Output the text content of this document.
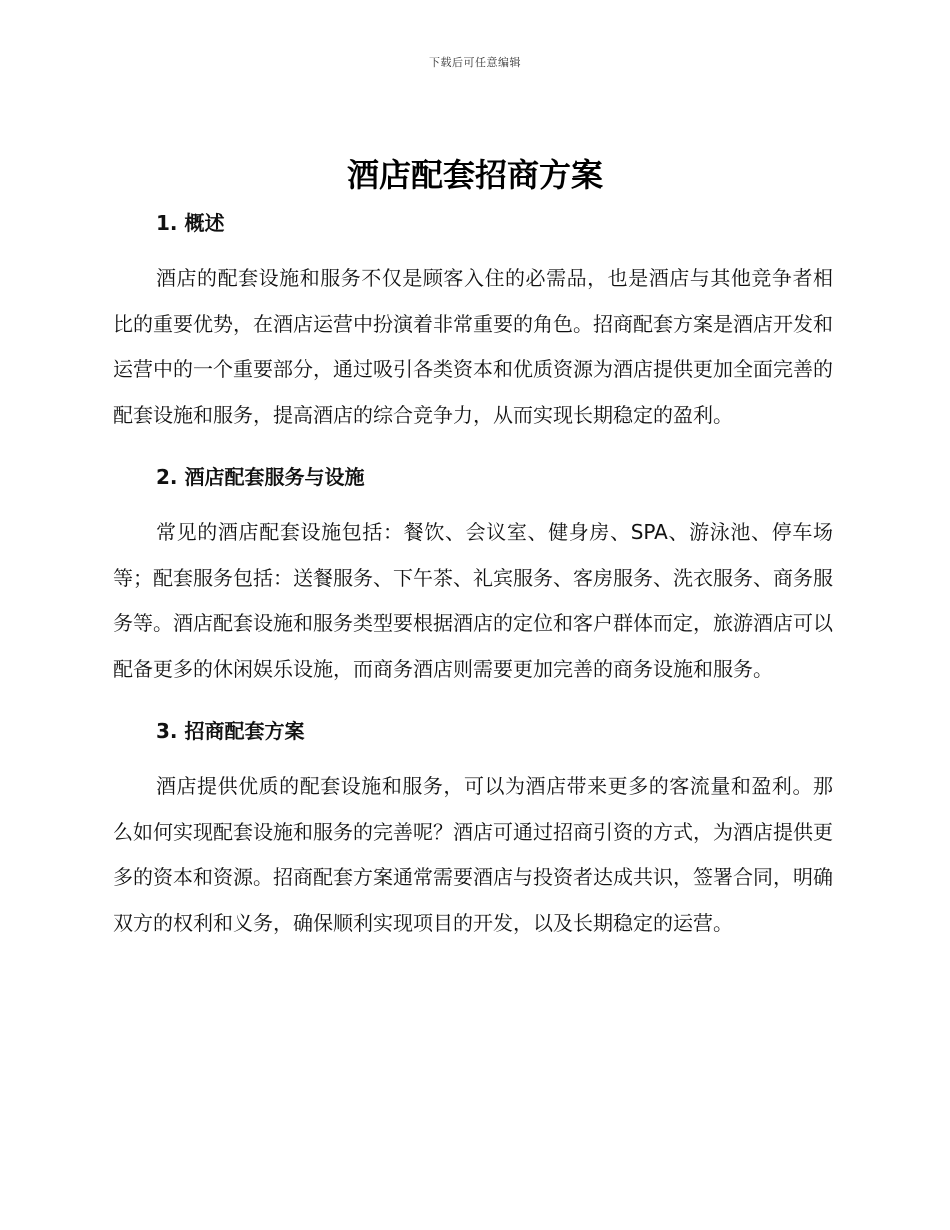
下载后可任意编辑
酒店配套招商方案
1. 概述

酒店的配套设施和服务不仅是顾客入住的必需品，也是酒店与其他竞争者相比的重要优势，在酒店运营中扮演着非常重要的角色。招商配套方案是酒店开发和运营中的一个重要部分，通过吸引各类资本和优质资源为酒店提供更加全面完善的配套设施和服务，提高酒店的综合竞争力，从而实现长期稳定的盈利。

2. 酒店配套服务与设施

常见的酒店配套设施包括：餐饮、会议室、健身房、SPA、游泳池、停车场等；配套服务包括：送餐服务、下午茶、礼宾服务、客房服务、洗衣服务、商务服务等。酒店配套设施和服务类型要根据酒店的定位和客户群体而定，旅游酒店可以配备更多的休闲娱乐设施，而商务酒店则需要更加完善的商务设施和服务。

3. 招商配套方案

酒店提供优质的配套设施和服务，可以为酒店带来更多的客流量和盈利。那么如何实现配套设施和服务的完善呢？酒店可通过招商引资的方式，为酒店提供更多的资本和资源。招商配套方案通常需要酒店与投资者达成共识，签署合同，明确双方的权利和义务，确保顺利实现项目的开发，以及长期稳定的运营。
